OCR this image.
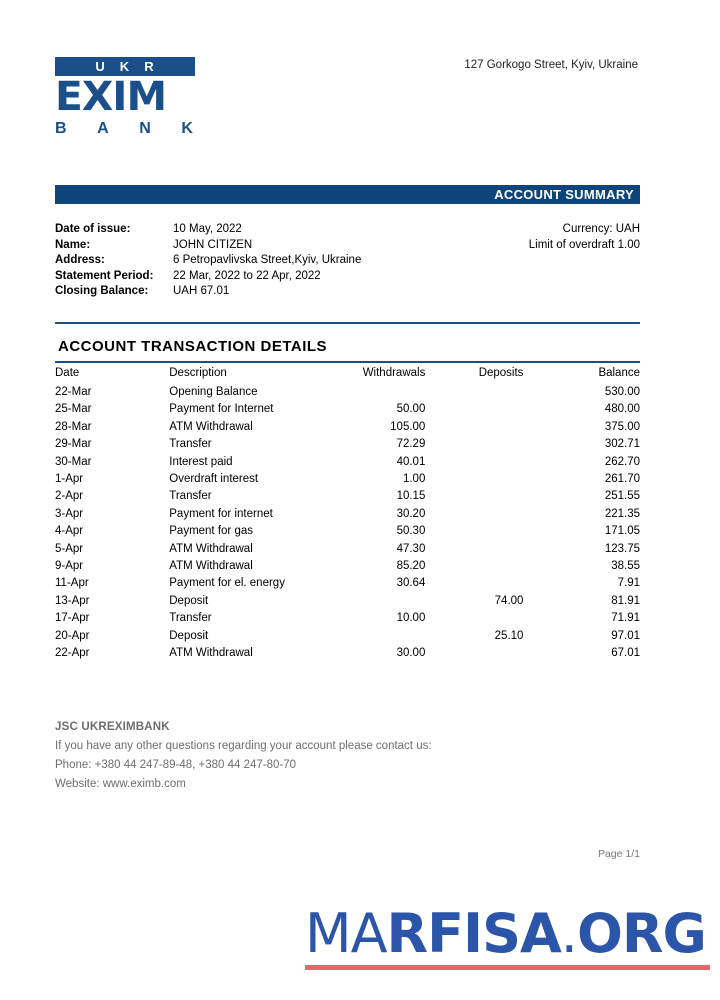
U K R
EXIM
B A N K
127 Gorkogo Street, Kyiv, Ukraine
ACCOUNT SUMMARY
Date of issue:	10 May, 2022
Name:	JOHN CITIZEN
Address:	6 Petropavlivska Street,Kyiv, Ukraine
Statement Period:	22 Mar, 2022 to 22 Apr, 2022
Closing Balance:	UAH 67.01
Currency: UAH
Limit of overdraft 1.00
ACCOUNT TRANSACTION DETAILS
Date	Description	Withdrawals	Deposits	Balance
22-Mar	Opening Balance			530.00
25-Mar	Payment for Internet	50.00		480.00
28-Mar	ATM Withdrawal	105.00		375.00
29-Mar	Transfer	72.29		302.71
30-Mar	Interest paid	40.01		262.70
1-Apr	Overdraft interest	1.00		261.70
2-Apr	Transfer	10.15		251.55
3-Apr	Payment for internet	30.20		221.35
4-Apr	Payment for gas	50.30		171.05
5-Apr	ATM Withdrawal	47.30		123.75
9-Apr	ATM Withdrawal	85.20		38.55
11-Apr	Payment for el. energy	30.64		7.91
13-Apr	Deposit		74.00	81.91
17-Apr	Transfer	10.00		71.91
20-Apr	Deposit		25.10	97.01
22-Apr	ATM Withdrawal	30.00		67.01
JSC UKREXIMBANK
If you have any other questions regarding your account please contact us:
Phone: +380 44 247-89-48, +380 44 247-80-70
Website: www.eximb.com
Page 1/1
MARFISA.ORG
